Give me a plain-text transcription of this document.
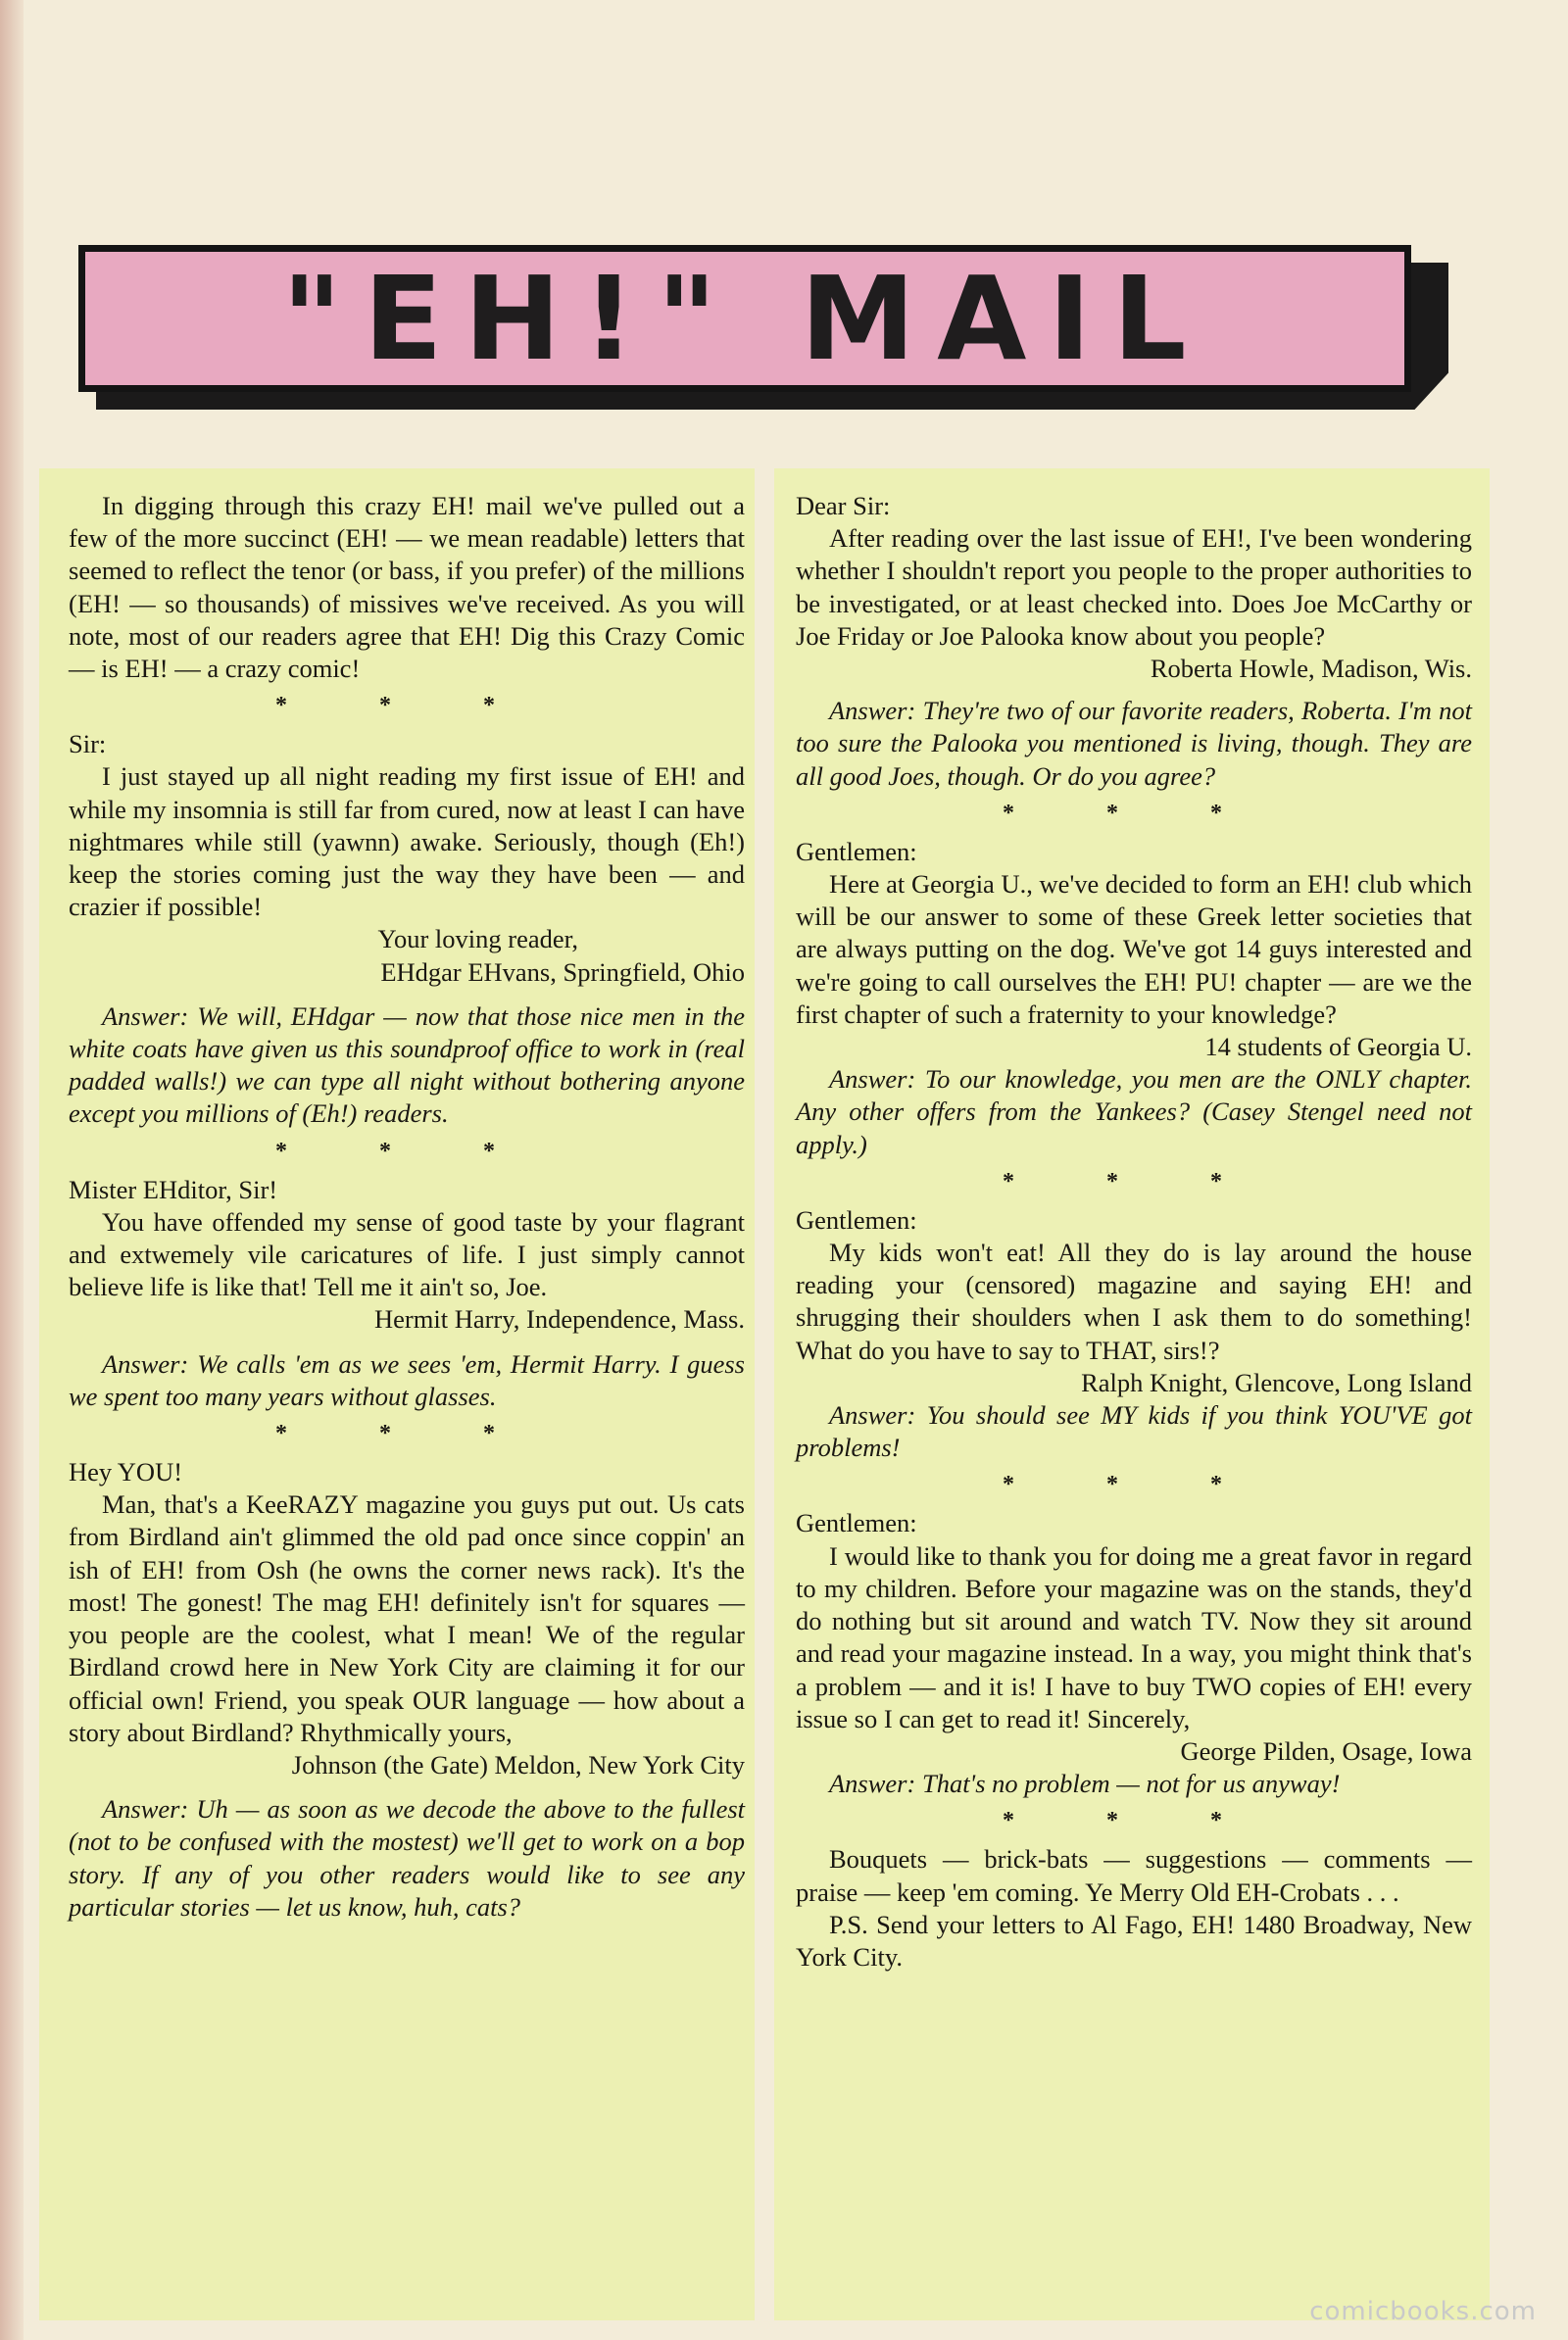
"EH!" MAIL

In digging through this crazy EH! mail we've pulled out a few of the more succinct (EH! — we mean readable) letters that seemed to reflect the tenor (or bass, if you prefer) of the millions (EH! — so thousands) of missives we've received. As you will note, most of our readers agree that EH! Dig this Crazy Comic — is EH! — a crazy comic!

* * *

Sir:

I just stayed up all night reading my first issue of EH! and while my insomnia is still far from cured, now at least I can have nightmares while still (yawnn) awake. Seriously, though (Eh!) keep the stories coming just the way they have been — and crazier if possible!

Your loving reader,

EHdgar EHvans, Springfield, Ohio

Answer: We will, EHdgar — now that those nice men in the white coats have given us this soundproof office to work in (real padded walls!) we can type all night without bothering anyone except you millions of (Eh!) readers.

* * *

Mister EHditor, Sir!

You have offended my sense of good taste by your flagrant and extwemely vile caricatures of life. I just simply cannot believe life is like that! Tell me it ain't so, Joe.

Hermit Harry, Independence, Mass.

Answer: We calls 'em as we sees 'em, Hermit Harry. I guess we spent too many years without glasses.

* * *

Hey YOU!

Man, that's a KeeRAZY magazine you guys put out. Us cats from Birdland ain't glimmed the old pad once since coppin' an ish of EH! from Osh (he owns the corner news rack). It's the most! The gonest! The mag EH! definitely isn't for squares — you people are the coolest, what I mean! We of the regular Birdland crowd here in New York City are claiming it for our official own! Friend, you speak OUR language — how about a story about Birdland? Rhythmically yours,

Johnson (the Gate) Meldon, New York City

Answer: Uh — as soon as we decode the above to the fullest (not to be confused with the mostest) we'll get to work on a bop story. If any of you other readers would like to see any particular stories — let us know, huh, cats?

Dear Sir:

After reading over the last issue of EH!, I've been wondering whether I shouldn't report you people to the proper authorities to be investigated, or at least checked into. Does Joe McCarthy or Joe Friday or Joe Palooka know about you people?

Roberta Howle, Madison, Wis.

Answer: They're two of our favorite readers, Roberta. I'm not too sure the Palooka you mentioned is living, though. They are all good Joes, though. Or do you agree?

* * *

Gentlemen:

Here at Georgia U., we've decided to form an EH! club which will be our answer to some of these Greek letter societies that are always putting on the dog. We've got 14 guys interested and we're going to call ourselves the EH! PU! chapter — are we the first chapter of such a fraternity to your knowledge?

14 students of Georgia U.

Answer: To our knowledge, you men are the ONLY chapter. Any other offers from the Yankees? (Casey Stengel need not apply.)

* * *

Gentlemen:

My kids won't eat! All they do is lay around the house reading your (censored) magazine and saying EH! and shrugging their shoulders when I ask them to do something! What do you have to say to THAT, sirs!?

Ralph Knight, Glencove, Long Island

Answer: You should see MY kids if you think YOU'VE got problems!

* * *

Gentlemen:

I would like to thank you for doing me a great favor in regard to my children. Before your magazine was on the stands, they'd do nothing but sit around and watch TV. Now they sit around and read your magazine instead. In a way, you might think that's a problem — and it is! I have to buy TWO copies of EH! every issue so I can get to read it! Sincerely,

George Pilden, Osage, Iowa

Answer: That's no problem — not for us anyway!

* * *

Bouquets — brick-bats — suggestions — comments — praise — keep 'em coming. Ye Merry Old EH-Crobats . . .

P.S. Send your letters to Al Fago, EH! 1480 Broadway, New York City.

comicbooks.com
